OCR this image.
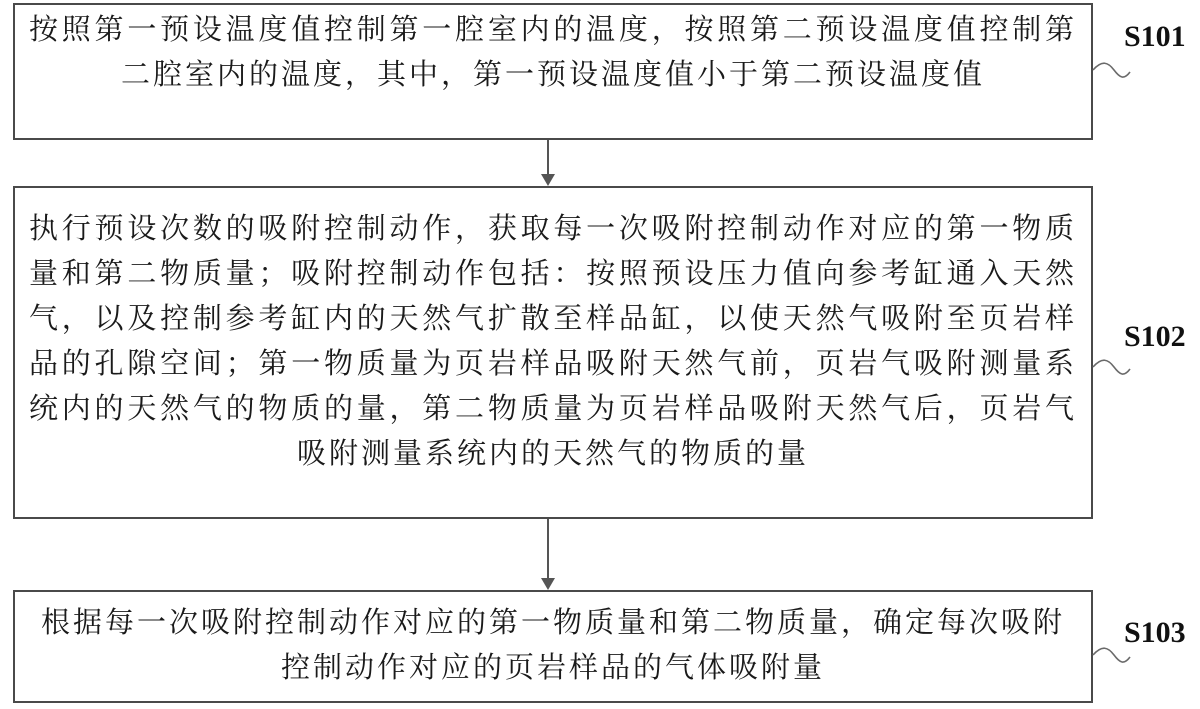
按照第一预设温度值控制第一腔室内的温度，按照第二预设温度值控制第二腔室内的温度，其中，第一预设温度值小于第二预设温度值
执行预设次数的吸附控制动作，获取每一次吸附控制动作对应的第一物质量和第二物质量；吸附控制动作包括：按照预设压力值向参考缸通入天然气，以及控制参考缸内的天然气扩散至样品缸，以使天然气吸附至页岩样品的孔隙空间；第一物质量为页岩样品吸附天然气前，页岩气吸附测量系统内的天然气的物质的量，第二物质量为页岩样品吸附天然气后，页岩气吸附测量系统内的天然气的物质的量
根据每一次吸附控制动作对应的第一物质量和第二物质量，确定每次吸附控制动作对应的页岩样品的气体吸附量
S101
S102
S103
